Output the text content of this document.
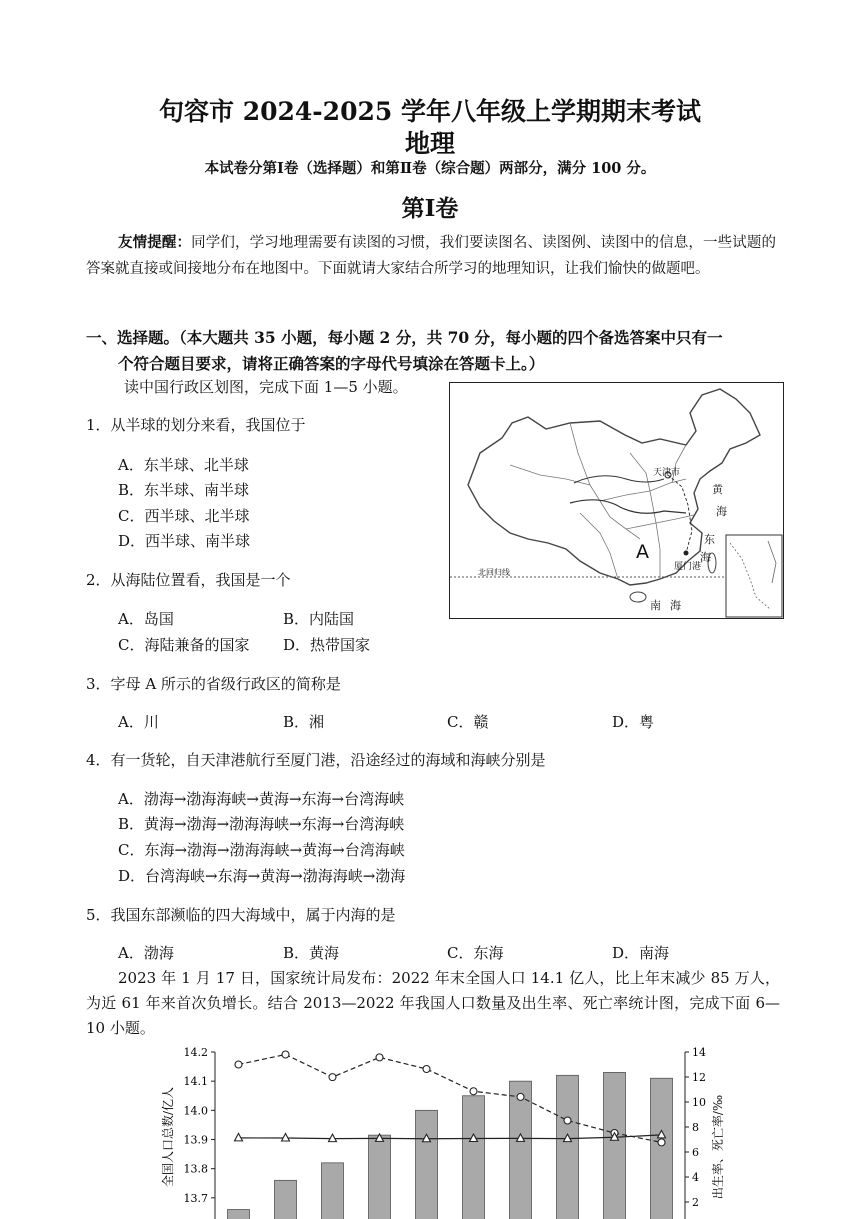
句容市 2024-2025 学年八年级上学期期末考试
地理
本试卷分第Ⅰ卷（选择题）和第Ⅱ卷（综合题）两部分，满分 100 分。
第Ⅰ卷
友情提醒：同学们，学习地理需要有读图的习惯，我们要读图名、读图例、读图中的信息，一些试题的答案就直接或间接地分布在地图中。下面就请大家结合所学习的地理知识，让我们愉快的做题吧。
一、选择题。（本大题共 35 小题，每小题 2 分，共 70 分，每小题的四个备选答案中只有一
个符合题目要求，请将正确答案的字母代号填涂在答题卡上。）
读中国行政区划图，完成下面 1—5 小题。
天津市
黄
海
东
海
厦门港
A
北回归线
南 海
1．从半球的划分来看，我国位于
A．东半球、北半球
B．东半球、南半球
C．西半球、北半球
D．西半球、南半球
2．从海陆位置看，我国是一个
A．岛国	B．内陆国
C．海陆兼备的国家 D．热带国家
3．字母 A 所示的省级行政区的简称是
A．川	B．湘	C．赣	D．粤
4．有一货轮，自天津港航行至厦门港，沿途经过的海域和海峡分别是
A．渤海→渤海海峡→黄海→东海→台湾海峡
B．黄海→渤海→渤海海峡→东海→台湾海峡
C．东海→渤海→渤海海峡→黄海→台湾海峡
D．台湾海峡→东海→黄海→渤海海峡→渤海
5．我国东部濒临的四大海域中，属于内海的是
A．渤海	B．黄海	C．东海	D．南海
2023 年 1 月 17 日，国家统计局发布：2022 年末全国人口 14.1 亿人，比上年末减少 85 万人，为近 61 年来首次负增长。结合 2013—2022 年我国人口数量及出生率、死亡率统计图，完成下面 6—10 小题。
14.2
14.1
14.0
13.9
13.8
13.7
14
12
10
8
6
4
2
全国人口总数/亿人	出生率、死亡率/‰
